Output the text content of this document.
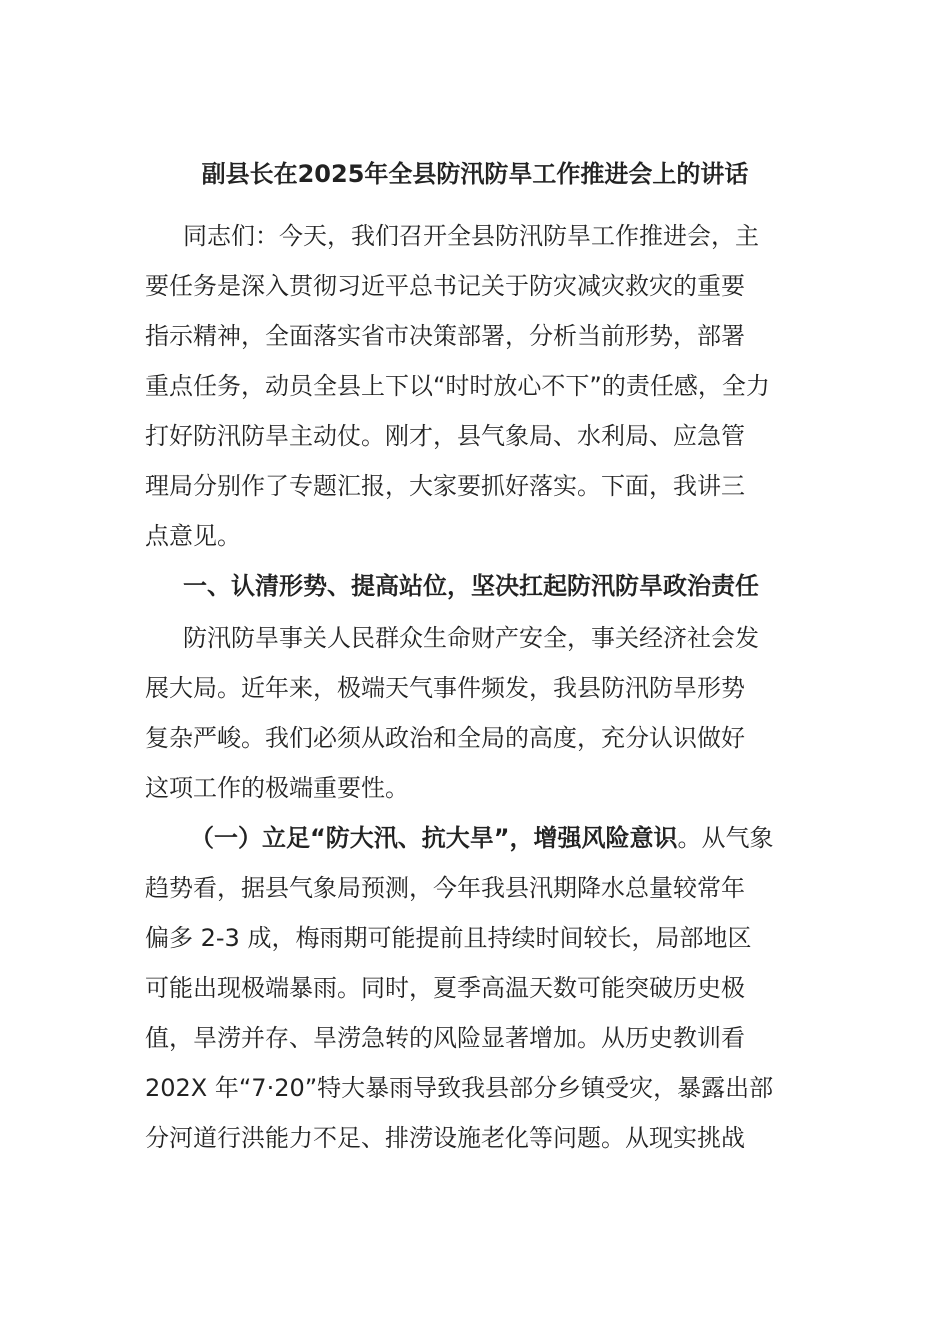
副县长在2025年全县防汛防旱工作推进会上的讲话
同志们：今天，我们召开全县防汛防旱工作推进会，主
要任务是深入贯彻习近平总书记关于防灾减灾救灾的重要
指示精神，全面落实省市决策部署，分析当前形势，部署
重点任务，动员全县上下以“时时放心不下”的责任感，全力
打好防汛防旱主动仗。刚才，县气象局、水利局、应急管
理局分别作了专题汇报，大家要抓好落实。下面，我讲三
点意见。
一、认清形势、提高站位，坚决扛起防汛防旱政治责任
防汛防旱事关人民群众生命财产安全，事关经济社会发
展大局。近年来，极端天气事件频发，我县防汛防旱形势
复杂严峻。我们必须从政治和全局的高度，充分认识做好
这项工作的极端重要性。
（一）立足“防大汛、抗大旱”，增强风险意识。从气象
趋势看，据县气象局预测，今年我县汛期降水总量较常年
偏多 2-3 成，梅雨期可能提前且持续时间较长，局部地区
可能出现极端暴雨。同时，夏季高温天数可能突破历史极
值，旱涝并存、旱涝急转的风险显著增加。从历史教训看
202X 年“7·20”特大暴雨导致我县部分乡镇受灾，暴露出部
分河道行洪能力不足、排涝设施老化等问题。从现实挑战
